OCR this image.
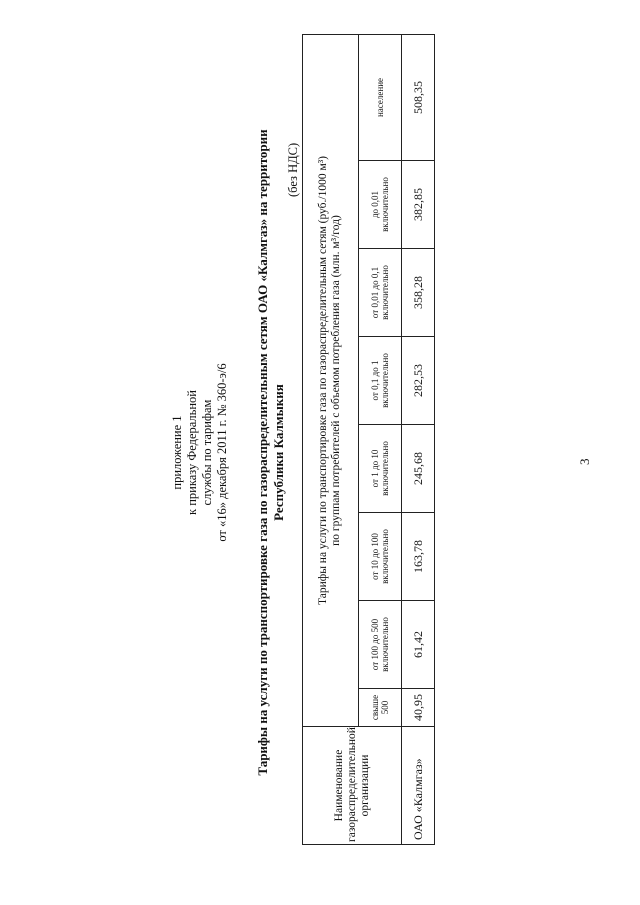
приложение 1 к приказу Федеральной службы по тарифам от «16» декабря 2011 г. № 360-э/6 Тарифы на услуги по транспортировке газа по газораспределительным сетям ОАО «Калмгаз» на территории Республики Калмыкия
(без НДС)
Наименование газораспределительной организации	Тарифы на услуги по транспортировке газа по газораспределительным сетям (руб./1000 м³) по группам потребителей с объемом потребления газа (млн. м³/год)							

	свыше 500	от 100 до 500 включительно	от 10 до 100 включительно	от 1 до 10 включительно	от 0,1 до 1 включительно	от 0,01 до 0,1 включительно	до 0,01 включительно	население
ОАО «Калмгаз»	40,95	61,42	163,78	245,68	282,53	358,28	382,85	508,35
3
